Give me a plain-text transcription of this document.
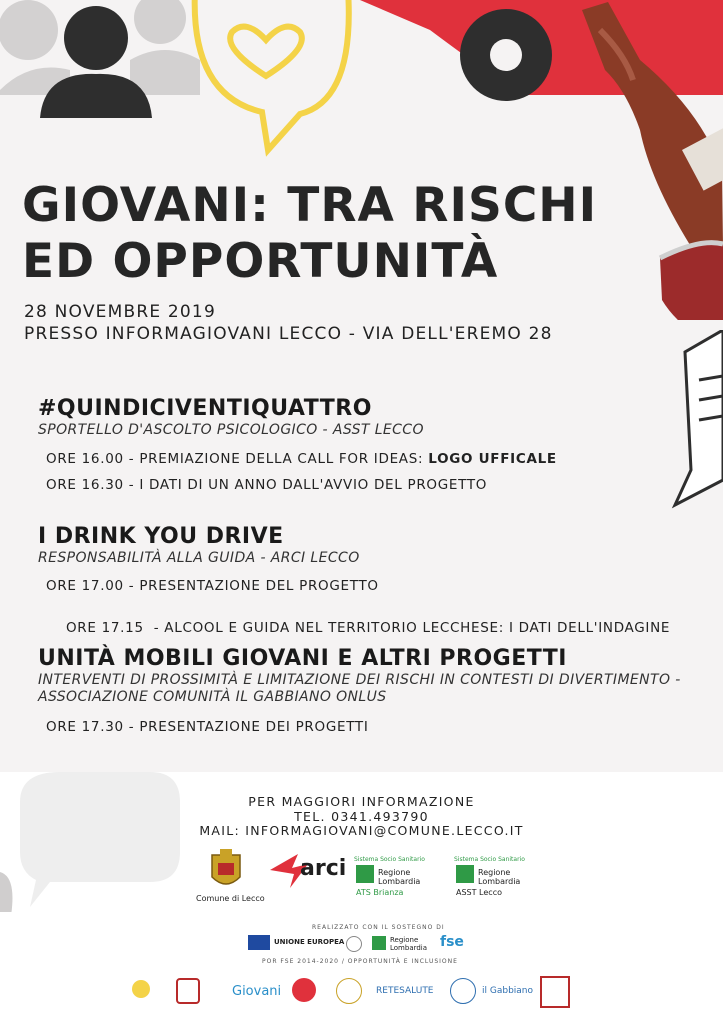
GIOVANI: TRA RISCHI
ED OPPORTUNITÀ

28 NOVEMBRE 2019

PRESSO INFORMAGIOVANI LECCO - VIA DELL'EREMO 28

#QUINDICIVENTIQUATTRO

SPORTELLO D'ASCOLTO PSICOLOGICO - ASST LECCO

ORE 16.00 - PREMIAZIONE DELLA CALL FOR IDEAS: LOGO UFFICALE

ORE 16.30 - I DATI DI UN ANNO DALL'AVVIO DEL PROGETTO

I DRINK YOU DRIVE

RESPONSABILITÀ ALLA GUIDA - ARCI LECCO

ORE 17.00 - PRESENTAZIONE DEL PROGETTO

ORE 17.15  - ALCOOL E GUIDA NEL TERRITORIO LECCHESE: I DATI DELL'INDAGINE

UNITÀ MOBILI GIOVANI E ALTRI PROGETTI

INTERVENTI DI PROSSIMITÀ E LIMITAZIONE DEI RISCHI IN CONTESTI DI DIVERTIMENTO -

ASSOCIAZIONE COMUNITÀ IL GABBIANO ONLUS

ORE 17.30 - PRESENTAZIONE DEI PROGETTI

PER MAGGIORI INFORMAZIONE
TEL. 0341.493790
MAIL: INFORMAGIOVANI@COMUNE.LECCO.IT
Comune di Lecco
arci Sistema Socio Sanitario
Regione Lombardia
ATS Brianza
Sistema Socio Sanitario
Regione Lombardia
ASST Lecco
REALIZZATO CON IL SOSTEGNO DI
UNIONE EUROPEA	Regione Lombardia fse
POR FSE 2014-2020 / OPPORTUNITÀ E INCLUSIONE
Giovani	RETESALUTE	il Gabbiano
